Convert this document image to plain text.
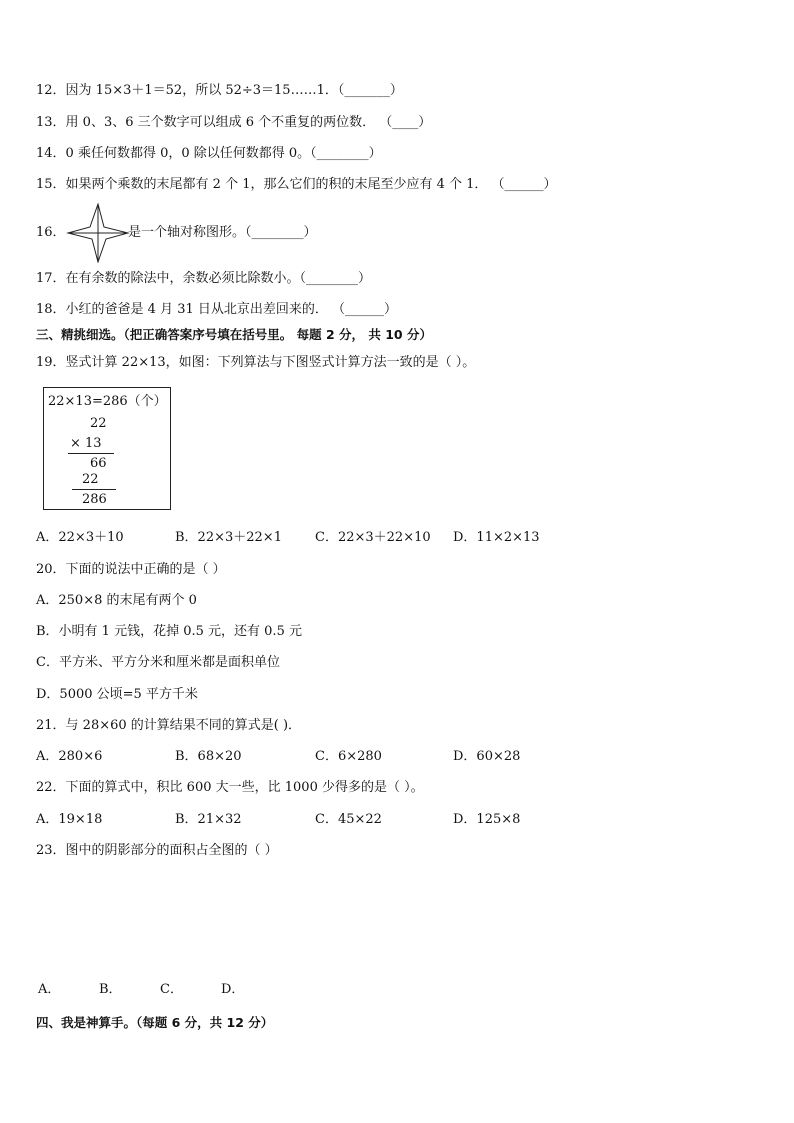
12．因为 15×3＋1＝52，所以 52÷3＝15……1．（_______）
13．用 0、3、6 三个数字可以组成 6 个不重复的两位数． （____）
14．0 乘任何数都得 0，0 除以任何数都得 0。（________）
15．如果两个乘数的末尾都有 2 个 1，那么它们的积的末尾至少应有 4 个 1． （______）
16．	是一个轴对称图形。（________）
17．在有余数的除法中，余数必须比除数小。（________）
18．小红的爸爸是 4 月 31 日从北京出差回来的． （______）
三、精挑细选。（把正确答案序号填在括号里。 每题 2 分， 共 10 分）
19．竖式计算 22×13，如图：下列算法与下图竖式计算方法一致的是（ ）。
22×13=286（个）
22
× 13
66
22
286
A．22×3＋10	B．22×3＋22×1	C．22×3＋22×10 D．11×2×13
20．下面的说法中正确的是（ ）
A．250×8 的末尾有两个 0
B．小明有 1 元钱，花掉 0.5 元，还有 0.5 元
C．平方米、平方分米和厘米都是面积单位
D．5000 公顷=5 平方千米
21．与 28×60 的计算结果不同的算式是( )．
A．280×6	B．68×20	C．6×280	D．60×28
22．下面的算式中，积比 600 大一些，比 1000 少得多的是（ ）。
A．19×18	B．21×32	C．45×22	D．125×8
23．图中的阴影部分的面积占全图的（ ）
A．	B．	C．	D．
四、我是神算手。（每题 6 分，共 12 分）
